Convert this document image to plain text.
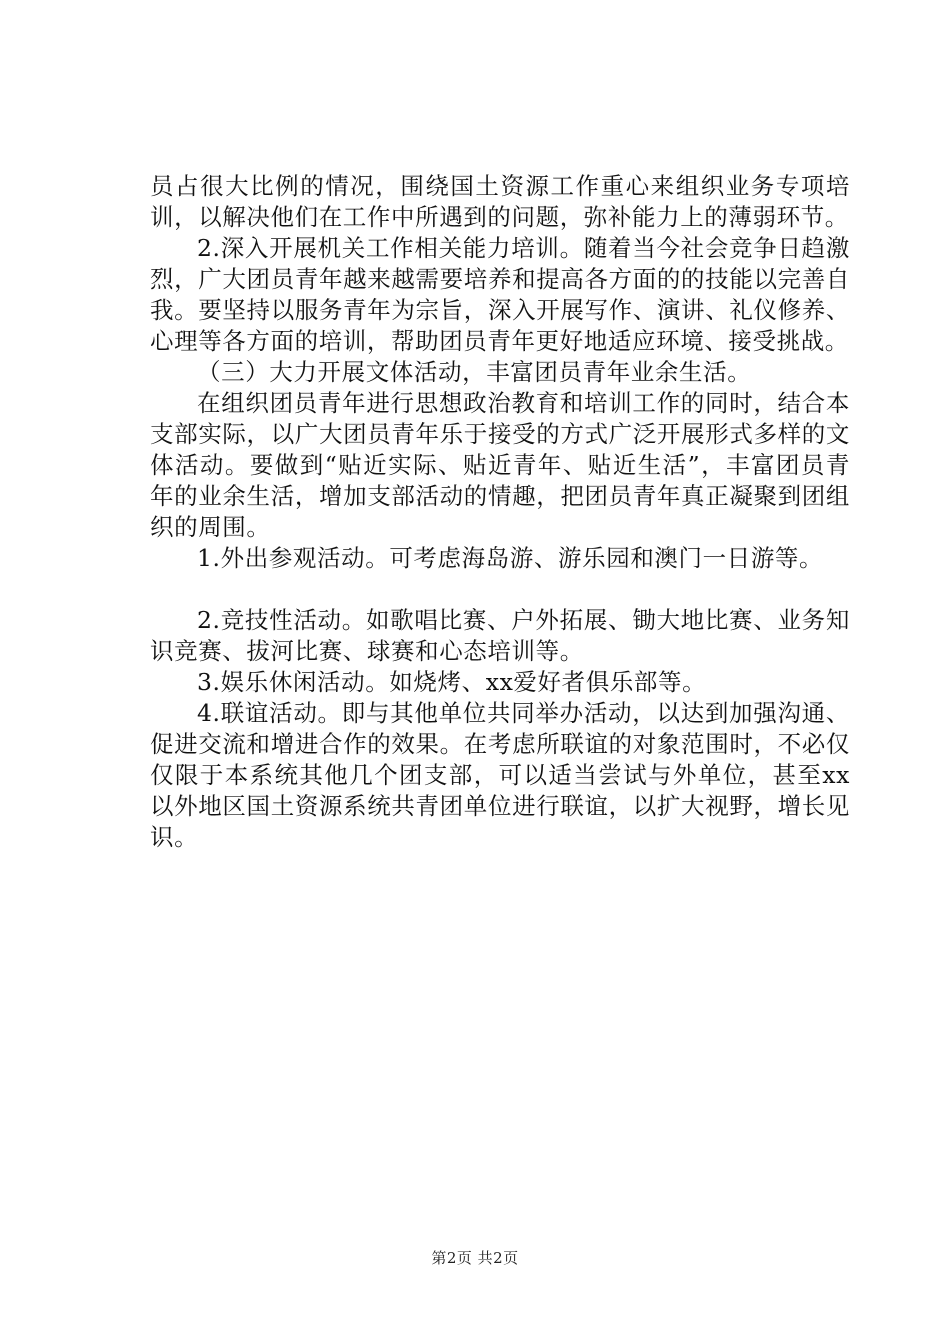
员占很大比例的情况，围绕国土资源工作重心来组织业务专项培训，以解决他们在工作中所遇到的问题，弥补能力上的薄弱环节。

2.深入开展机关工作相关能力培训。随着当今社会竞争日趋激烈，广大团员青年越来越需要培养和提高各方面的的技能以完善自我。要坚持以服务青年为宗旨，深入开展写作、演讲、礼仪修养、心理等各方面的培训，帮助团员青年更好地适应环境、接受挑战。

（三）大力开展文体活动，丰富团员青年业余生活。

在组织团员青年进行思想政治教育和培训工作的同时，结合本支部实际，以广大团员青年乐于接受的方式广泛开展形式多样的文体活动。要做到“贴近实际、贴近青年、贴近生活”，丰富团员青年的业余生活，增加支部活动的情趣，把团员青年真正凝聚到团组织的周围。

1.外出参观活动。可考虑海岛游、游乐园和澳门一日游等。

2.竞技性活动。如歌唱比赛、户外拓展、锄大地比赛、业务知识竞赛、拔河比赛、球赛和心态培训等。

3.娱乐休闲活动。如烧烤、xx爱好者俱乐部等。

4.联谊活动。即与其他单位共同举办活动，以达到加强沟通、促进交流和增进合作的效果。在考虑所联谊的对象范围时，不必仅仅限于本系统其他几个团支部，可以适当尝试与外单位，甚至xx以外地区国土资源系统共青团单位进行联谊，以扩大视野，增长见识。

第2页 共2页
